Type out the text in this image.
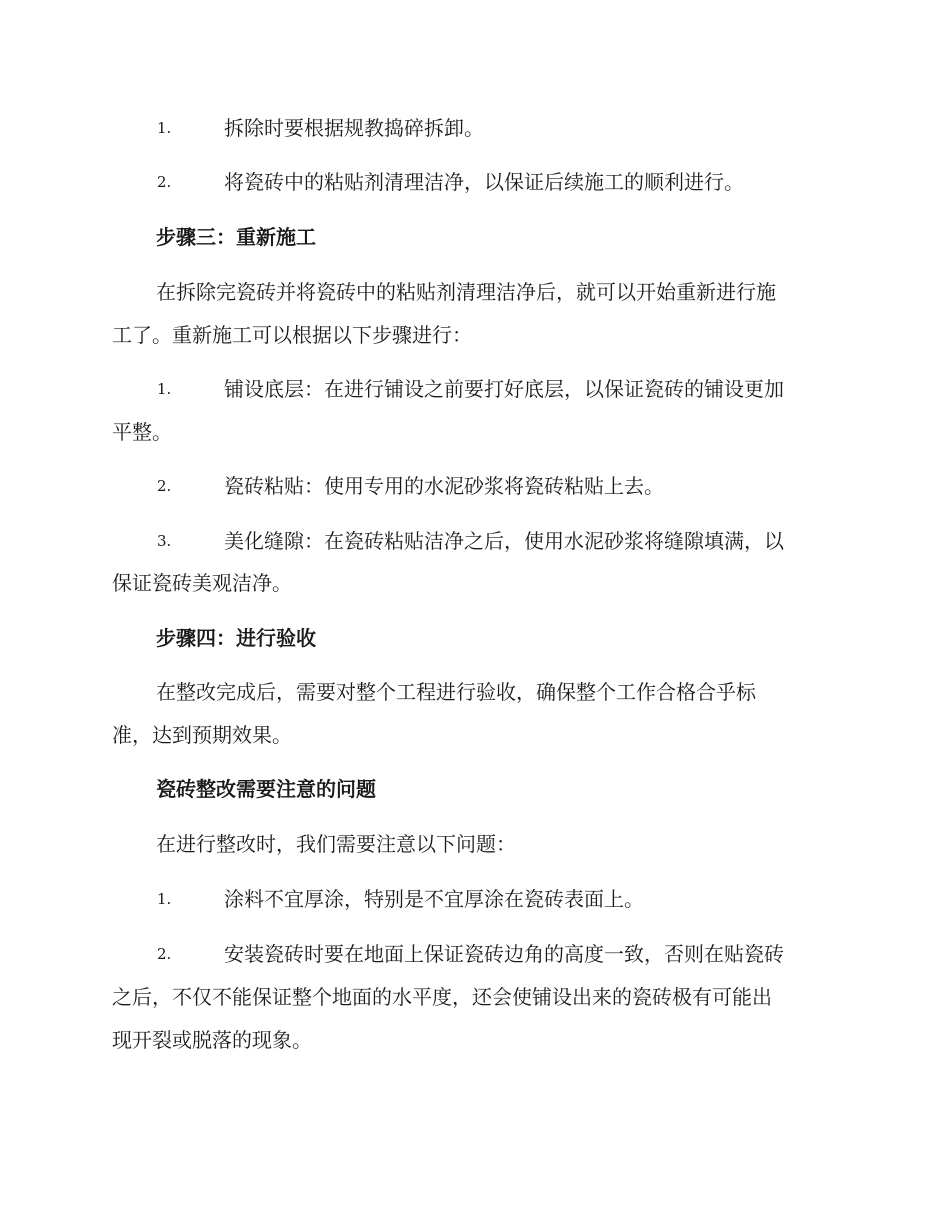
1.	拆除时要根据规教捣碎拆卸。
2.	将瓷砖中的粘贴剂清理洁净，以保证后续施工的顺利进行。
步骤三：重新施工
在拆除完瓷砖并将瓷砖中的粘贴剂清理洁净后，就可以开始重新进行施
工了。重新施工可以根据以下步骤进行：
1.	铺设底层：在进行铺设之前要打好底层，以保证瓷砖的铺设更加
平整。
2.	瓷砖粘贴：使用专用的水泥砂浆将瓷砖粘贴上去。
3.	美化缝隙：在瓷砖粘贴洁净之后，使用水泥砂浆将缝隙填满，以
保证瓷砖美观洁净。
步骤四：进行验收
在整改完成后，需要对整个工程进行验收，确保整个工作合格合乎标
准，达到预期效果。
瓷砖整改需要注意的问题
在进行整改时，我们需要注意以下问题：
1.	涂料不宜厚涂，特别是不宜厚涂在瓷砖表面上。
2.	安装瓷砖时要在地面上保证瓷砖边角的高度一致，否则在贴瓷砖
之后，不仅不能保证整个地面的水平度，还会使铺设出来的瓷砖极有可能出
现开裂或脱落的现象。
